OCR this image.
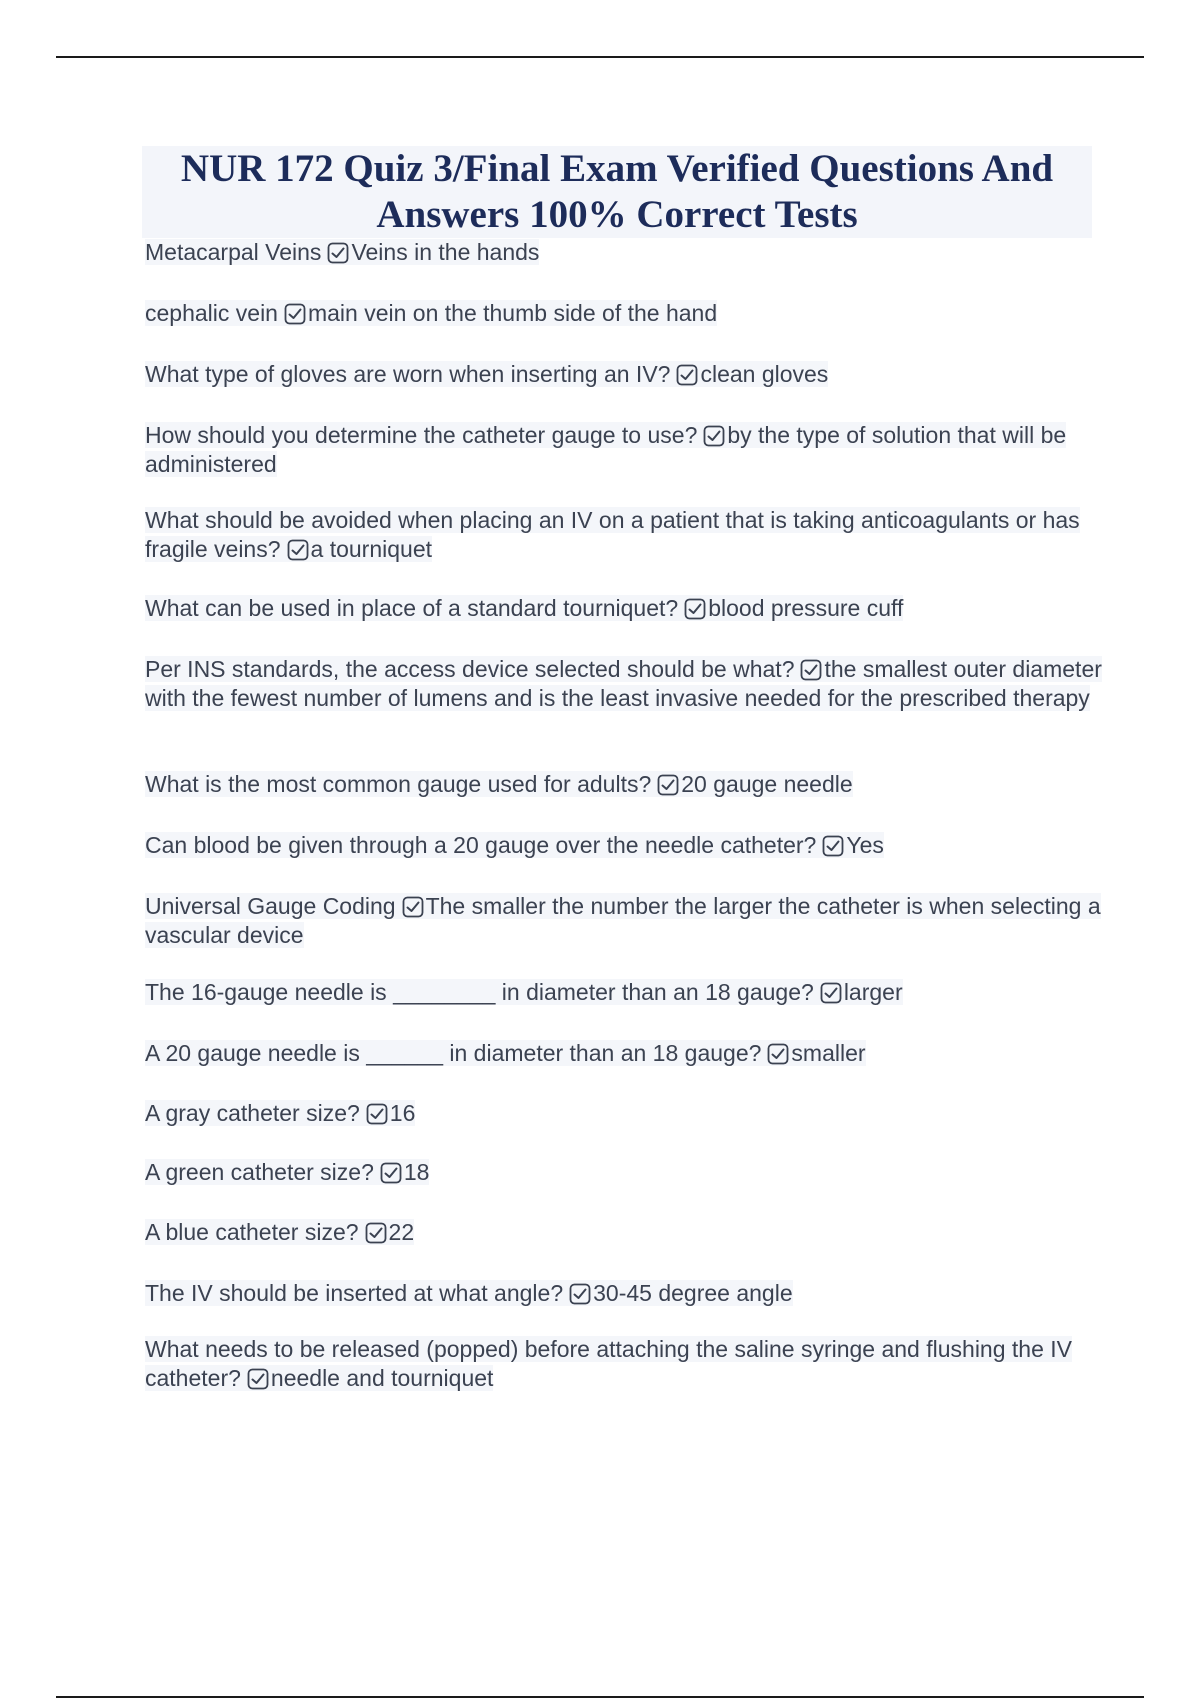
NUR 172 Quiz 3/Final Exam Verified Questions And Answers 100% Correct Tests
Metacarpal Veins Veins in the hands
cephalic vein main vein on the thumb side of the hand
What type of gloves are worn when inserting an IV? clean gloves
How should you determine the catheter gauge to use? by the type of solution that will be administered
What should be avoided when placing an IV on a patient that is taking anticoagulants or has fragile veins? a tourniquet
What can be used in place of a standard tourniquet? blood pressure cuff
Per INS standards, the access device selected should be what? the smallest outer diameter with the fewest number of lumens and is the least invasive needed for the prescribed therapy
What is the most common gauge used for adults? 20 gauge needle
Can blood be given through a 20 gauge over the needle catheter? Yes
Universal Gauge Coding The smaller the number the larger the catheter is when selecting a vascular device
The 16-gauge needle is ________ in diameter than an 18 gauge? larger
A 20 gauge needle is ______ in diameter than an 18 gauge? smaller
A gray catheter size? 16
A green catheter size? 18
A blue catheter size? 22
The IV should be inserted at what angle? 30-45 degree angle
What needs to be released (popped) before attaching the saline syringe and flushing the IV catheter? needle and tourniquet
